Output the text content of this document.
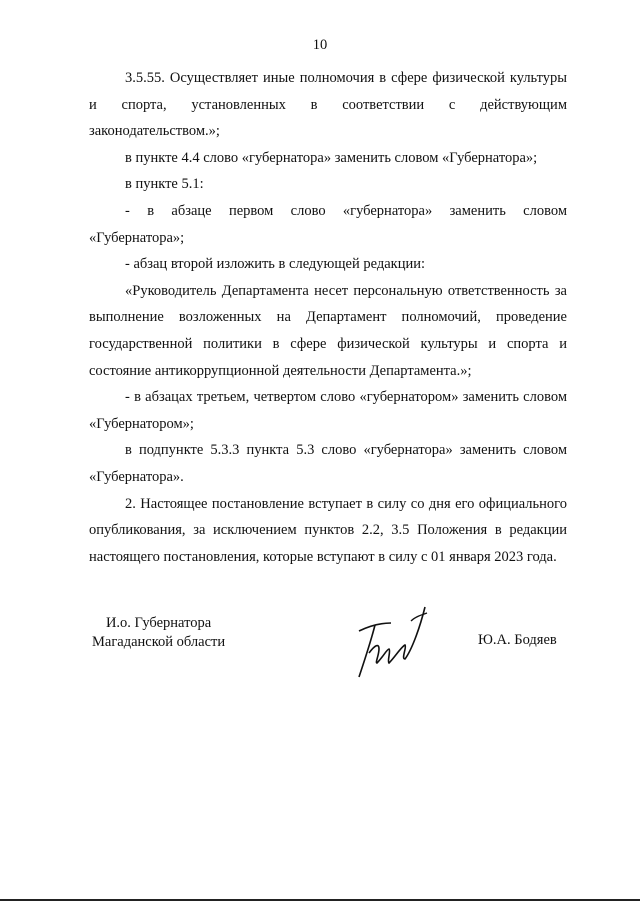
10

3.5.55. Осуществляет иные полномочия в сфере физической культуры и спорта, установленных в соответствии с действующим законодательством.»;

в пункте 4.4 слово «губернатора» заменить словом «Губернатора»;

в пункте 5.1:

- в абзаце первом слово «губернатора» заменить словом «Губернатора»;

- абзац второй изложить в следующей редакции:

«Руководитель Департамента несет персональную ответственность за выполнение возложенных на Департамент полномочий, проведение государственной политики в сфере физической культуры и спорта и состояние антикоррупционной деятельности Департамента.»;

- в абзацах третьем, четвертом слово «губернатором» заменить словом «Губернатором»;

в подпункте 5.3.3 пункта 5.3 слово «губернатора» заменить словом «Губернатора».

2. Настоящее постановление вступает в силу со дня его официального опубликования, за исключением пунктов 2.2, 3.5 Положения в редакции настоящего постановления, которые вступают в силу с 01 января 2023 года.

И.о. Губернатора
Магаданской области	Ю.А. Бодяев
